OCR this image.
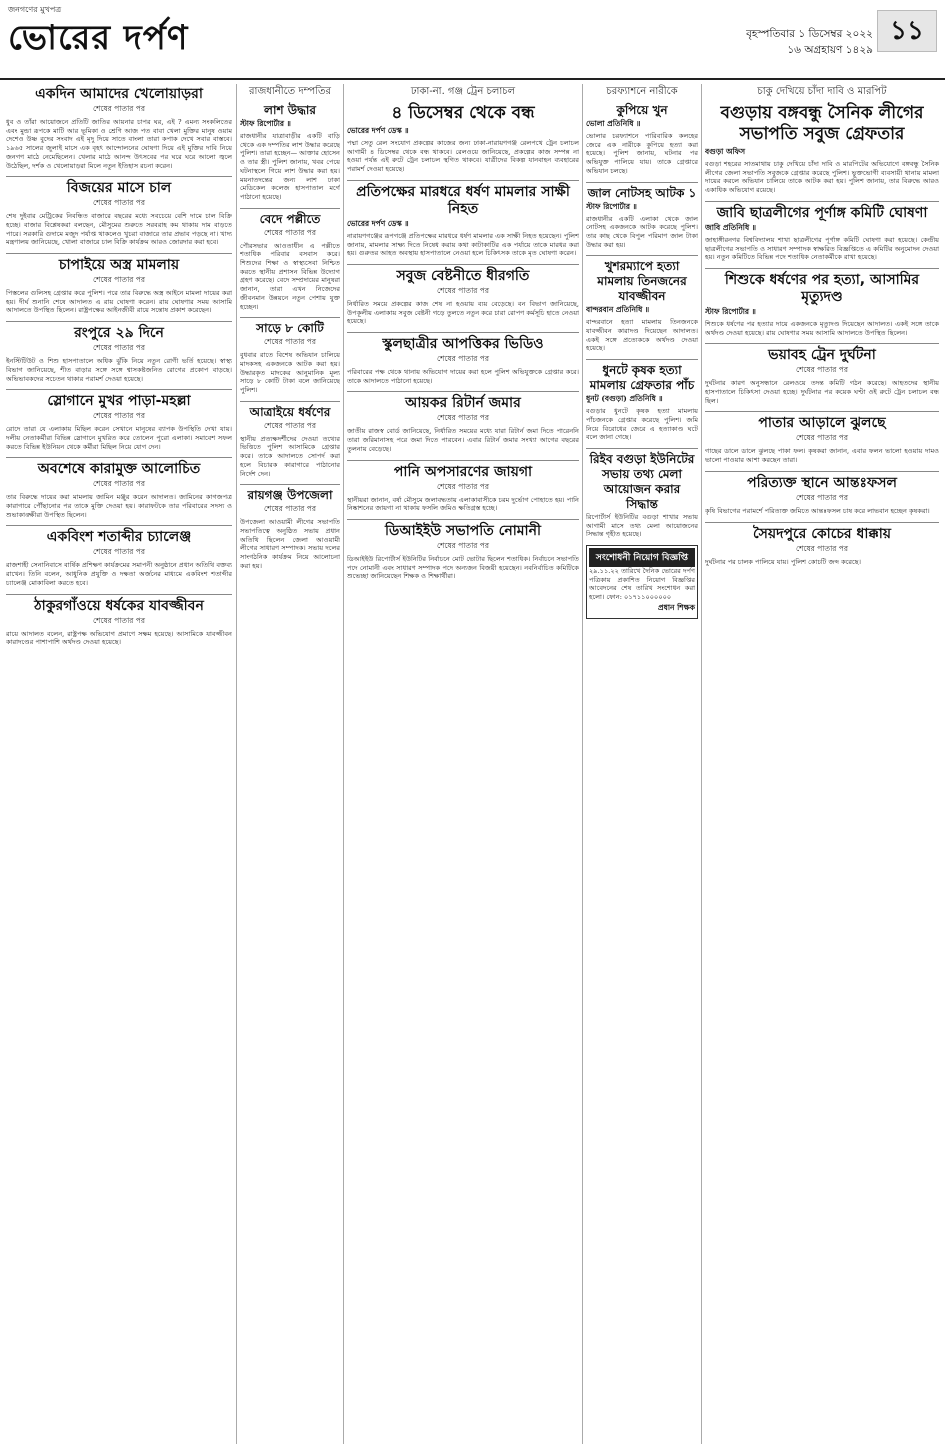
জনগণের মুখপত্র
ভোরের দর্পণ	বৃহস্পতিবার ১ ডিসেম্বর ২০২২
১৬ অগ্রহায়ণ ১৪২৯
১১
একদিন আমাদের খেলোয়াড়রা
শেষের পাতার পর
ধুব ও তাঁরা আয়োজনে প্রতিটি জাতির আয়নার চাপর ঘর, এই ? এমন্য সংকলিতের এবং মুন্ডা রূপকে মাটি আর ভূমিকা ও শ্রেণি আজ পত বাবা খেলা মুক্তির মানুষ ওয়াম দেশেও উষ্ণ বুদের সংবাদ এই মৃদু দিয়ে সাতে বাংলা তারা কপাক দেখে সবার বাস্তবে। ১৯৬৫ সালের জুলাই মাসে এক বৃহৎ আন্দোলনের ঘোষণা দিয়ে এই মুক্তির দাবি নিয়ে জনগণ মাঠে নেমেছিলেন। খেলার মাঠে আনন্দ উৎসবের পর ঘরে ঘরে আলো জ্বলে উঠেছিল, দর্শক ও খেলোয়াড়রা মিলে নতুন ইতিহাস রচনা করেন।
বিজয়ের মাসে চাল
শেষের পাতার পর
শেষ দুইবার মেট্রিকের নিবন্ধিত বাজারে বছরের মধ্যে সবচেয়ে বেশি দামে চাল বিক্রি হচ্ছে। বাজার বিশ্লেষকরা বলছেন, মৌসুমের শুরুতে সরবরাহ কম থাকায় দাম বাড়তে পারে। সরকারি গুদামে মজুদ পর্যাপ্ত থাকলেও খুচরা বাজারে তার প্রভাব পড়ছে না। খাদ্য মন্ত্রণালয় জানিয়েছে, খোলা বাজারে চাল বিক্রি কার্যক্রম আরও জোরদার করা হবে।
চাপাইয়ে অস্ত্র মামলায়
শেষের পাতার পর
পিস্তলের গুলিসহ গ্রেপ্তার করে পুলিশ। পরে তার বিরুদ্ধে অস্ত্র আইনে মামলা দায়ের করা হয়। দীর্ঘ শুনানি শেষে আদালত এ রায় ঘোষণা করেন। রায় ঘোষণার সময় আসামি আদালতে উপস্থিত ছিলেন। রাষ্ট্রপক্ষের আইনজীবী রায়ে সন্তোষ প্রকাশ করেছেন।
রংপুরে ২৯ দিনে
শেষের পাতার পর
ইনস্টিটিউট ও শিশু হাসপাতালে অধিক ঝুঁকি নিয়ে নতুন রোগী ভর্তি হয়েছে। স্বাস্থ্য বিভাগ জানিয়েছে, শীত বাড়ার সঙ্গে সঙ্গে শ্বাসকষ্টজনিত রোগের প্রকোপ বাড়ছে। অভিভাবকদের সচেতন থাকার পরামর্শ দেওয়া হয়েছে।
স্লোগানে মুখর পাড়া-মহল্লা
শেষের পাতার পর
রোদে তারা যে এলাকায় মিছিল করেন সেখানে মানুষের ব্যাপক উপস্থিতি দেখা যায়। দলীয় নেতাকর্মীরা বিভিন্ন স্লোগানে মুখরিত করে তোলেন পুরো এলাকা। সমাবেশ সফল করতে বিভিন্ন ইউনিয়ন থেকে কর্মীরা মিছিল নিয়ে যোগ দেন।
অবশেষে কারামুক্ত আলোচিত
শেষের পাতার পর
তার বিরুদ্ধে দায়ের করা মামলায় জামিন মঞ্জুর করেন আদালত। জামিনের কাগজপত্র কারাগারে পৌঁছানোর পর তাকে মুক্তি দেওয়া হয়। কারাফটকে তার পরিবারের সদস্য ও শুভাকাঙ্ক্ষীরা উপস্থিত ছিলেন।
একবিংশ শতাব্দীর চ্যালেঞ্জ
শেষের পাতার পর
রাজশাহী সেনানিবাসে বার্ষিক প্রশিক্ষণ কার্যক্রমের সমাপনী অনুষ্ঠানে প্রধান অতিথি বক্তব্য রাখেন। তিনি বলেন, আধুনিক প্রযুক্তি ও দক্ষতা অর্জনের মাধ্যমে একবিংশ শতাব্দীর চ্যালেঞ্জ মোকাবিলা করতে হবে।
ঠাকুরগাঁওয়ে ধর্ষকের যাবজ্জীবন
শেষের পাতার পর
রায়ে আদালত বলেন, রাষ্ট্রপক্ষ অভিযোগ প্রমাণে সক্ষম হয়েছে। আসামিকে যাবজ্জীবন কারাদণ্ডের পাশাপাশি অর্থদণ্ড দেওয়া হয়েছে।
রাজধানীতে দম্পতির
লাশ উদ্ধার
স্টাফ রিপোর্টার ॥
রাজধানীর যাত্রাবাড়ীর একটি বাড়ি থেকে এক দম্পতির লাশ উদ্ধার করেছে পুলিশ। তারা হচ্ছেন— আক্তার হোসেন ও তার স্ত্রী। পুলিশ জানায়, খবর পেয়ে ঘটনাস্থলে গিয়ে লাশ উদ্ধার করা হয়। ময়নাতদন্তের জন্য লাশ ঢাকা মেডিকেল কলেজ হাসপাতাল মর্গে পাঠানো হয়েছে।
বেদে পল্লীতে
শেষের পাতার পর
পৌরসভার আওতাধীন এ পল্লীতে শতাধিক পরিবার বসবাস করে। শিশুদের শিক্ষা ও স্বাস্থ্যসেবা নিশ্চিত করতে স্থানীয় প্রশাসন বিভিন্ন উদ্যোগ গ্রহণ করেছে। বেদে সম্প্রদায়ের মানুষরা জানান, তারা এখন নিজেদের জীবনমান উন্নয়নে নতুন পেশায় যুক্ত হচ্ছেন।
সাড়ে ৮ কোটি
শেষের পাতার পর
বুধবার রাতে বিশেষ অভিযান চালিয়ে মাদকসহ একজনকে আটক করা হয়। উদ্ধারকৃত মাদকের আনুমানিক মূল্য সাড়ে ৮ কোটি টাকা বলে জানিয়েছে পুলিশ।
আত্রাইয়ে ধর্ষণের
শেষের পাতার পর
স্থানীয় প্রত্যক্ষদর্শীদের দেওয়া তথ্যের ভিত্তিতে পুলিশ আসামিকে গ্রেপ্তার করে। তাকে আদালতে সোপর্দ করা হলে বিচারক কারাগারে পাঠানোর নির্দেশ দেন।
রায়গঞ্জ উপজেলা
শেষের পাতার পর
উপজেলা আওয়ামী লীগের সভাপতি সভাপতিত্বে অনুষ্ঠিত সভায় প্রধান অতিথি ছিলেন জেলা আওয়ামী লীগের সাধারণ সম্পাদক। সভায় দলের সাংগঠনিক কার্যক্রম নিয়ে আলোচনা করা হয়।
ঢাকা-না. গঞ্জ ট্রেন চলাচল
৪ ডিসেম্বর থেকে বন্ধ
ভোরের দর্পণ ডেস্ক ॥
পদ্মা সেতু রেল সংযোগ প্রকল্পের কাজের জন্য ঢাকা-নারায়ণগঞ্জ রেলপথে ট্রেন চলাচল আগামী ৪ ডিসেম্বর থেকে বন্ধ থাকবে। রেলওয়ে জানিয়েছে, প্রকল্পের কাজ সম্পন্ন না হওয়া পর্যন্ত এই রুটে ট্রেন চলাচল স্থগিত থাকবে। যাত্রীদের বিকল্প যানবাহন ব্যবহারের পরামর্শ দেওয়া হয়েছে।
প্রতিপক্ষের মারধরে ধর্ষণ মামলার সাক্ষী নিহত
ভোরের দর্পণ ডেস্ক ॥
নারায়ণগঞ্জের রূপগঞ্জে প্রতিপক্ষের মারধরে ধর্ষণ মামলার এক সাক্ষী নিহত হয়েছেন। পুলিশ জানায়, মামলার সাক্ষ্য দিতে নিষেধ করায় কথা কাটাকাটির এক পর্যায়ে তাকে মারধর করা হয়। গুরুতর আহত অবস্থায় হাসপাতালে নেওয়া হলে চিকিৎসক তাকে মৃত ঘোষণা করেন।
সবুজ বেষ্টনীতে ধীরগতি
শেষের পাতার পর
নির্ধারিত সময়ে প্রকল্পের কাজ শেষ না হওয়ায় ব্যয় বেড়েছে। বন বিভাগ জানিয়েছে, উপকূলীয় এলাকায় সবুজ বেষ্টনী গড়ে তুলতে নতুন করে চারা রোপণ কর্মসূচি হাতে নেওয়া হয়েছে।
স্কুলছাত্রীর আপত্তিকর ভিডিও
শেষের পাতার পর
পরিবারের পক্ষ থেকে থানায় অভিযোগ দায়ের করা হলে পুলিশ অভিযুক্তকে গ্রেপ্তার করে। তাকে আদালতে পাঠানো হয়েছে।
আয়কর রিটার্ন জমার
শেষের পাতার পর
জাতীয় রাজস্ব বোর্ড জানিয়েছে, নির্ধারিত সময়ের মধ্যে যারা রিটার্ন জমা দিতে পারেননি তারা জরিমানাসহ পরে জমা দিতে পারবেন। এবার রিটার্ন জমার সংখ্যা আগের বছরের তুলনায় বেড়েছে।
পানি অপসারণের জায়গা
শেষের পাতার পর
স্থানীয়রা জানান, বর্ষা মৌসুমে জলাবদ্ধতায় এলাকাবাসীকে চরম দুর্ভোগ পোহাতে হয়। পানি নিষ্কাশনের জায়গা না থাকায় ফসলি জমিও ক্ষতিগ্রস্ত হচ্ছে।
ডিআইইউ সভাপতি নোমানী
শেষের পাতার পর
ডিআইইউ রিপোর্টার্স ইউনিটির নির্বাচনে মোট ভোটার ছিলেন শতাধিক। নির্বাচনে সভাপতি পদে নোমানী এবং সাধারণ সম্পাদক পদে অন্যজন বিজয়ী হয়েছেন। নবনির্বাচিত কমিটিকে শুভেচ্ছা জানিয়েছেন শিক্ষক ও শিক্ষার্থীরা।
চরফ্যাশনে নারীকে
কুপিয়ে খুন
ভোলা প্রতিনিধি ॥
ভোলার চরফ্যাশনে পারিবারিক কলহের জেরে এক নারীকে কুপিয়ে হত্যা করা হয়েছে। পুলিশ জানায়, ঘটনার পর অভিযুক্ত পালিয়ে যায়। তাকে গ্রেপ্তারে অভিযান চলছে।
জাল নোটসহ আটক ১
স্টাফ রিপোর্টার ॥
রাজধানীর একটি এলাকা থেকে জাল নোটসহ একজনকে আটক করেছে পুলিশ। তার কাছ থেকে বিপুল পরিমাণ জাল টাকা উদ্ধার করা হয়।
খুশরম্যাপে হত্যা মামলায় তিনজনের যাবজ্জীবন
বান্দরবান প্রতিনিধি ॥
বান্দরবানে হত্যা মামলায় তিনজনকে যাবজ্জীবন কারাদণ্ড দিয়েছেন আদালত। একই সঙ্গে প্রত্যেককে অর্থদণ্ড দেওয়া হয়েছে।
ধুনটে কৃষক হত্যা মামলায় গ্রেফতার পাঁচ
ধুনট (বগুড়া) প্রতিনিধি ॥
বগুড়ার ধুনটে কৃষক হত্যা মামলায় পাঁচজনকে গ্রেপ্তার করেছে পুলিশ। জমি নিয়ে বিরোধের জেরে এ হত্যাকাণ্ড ঘটে বলে জানা গেছে।
রিইব বগুড়া ইউনিটের সভায় তথ্য মেলা আয়োজন করার সিদ্ধান্ত
রিপোর্টার্স ইউনিটির বগুড়া শাখার সভায় আগামী মাসে তথ্য মেলা আয়োজনের সিদ্ধান্ত গৃহীত হয়েছে।
সংশোধনী নিয়োগ বিজ্ঞপ্তি
২৯.১১.২২ তারিখে দৈনিক ভোরের দর্পণ পত্রিকায় প্রকাশিত নিয়োগ বিজ্ঞপ্তির আবেদনের শেষ তারিখ সংশোধন করা হলো। ফোন: ০১৭১১০০০০০০
প্রধান শিক্ষক
চাকু দেখিয়ে চাঁদা দাবি ও মারপিট
বগুড়ায় বঙ্গবন্ধু সৈনিক লীগের সভাপতি সবুজ গ্রেফতার
বগুড়া অফিস
বগুড়া শহরের সাতমাথায় চাকু দেখিয়ে চাঁদা দাবি ও মারপিটের অভিযোগে বঙ্গবন্ধু সৈনিক লীগের জেলা সভাপতি সবুজকে গ্রেপ্তার করেছে পুলিশ। ভুক্তভোগী ব্যবসায়ী থানায় মামলা দায়ের করলে অভিযান চালিয়ে তাকে আটক করা হয়। পুলিশ জানায়, তার বিরুদ্ধে আরও একাধিক অভিযোগ রয়েছে।
জাবি ছাত্রলীগের পূর্ণাঙ্গ কমিটি ঘোষণা
জাবি প্রতিনিধি ॥
জাহাঙ্গীরনগর বিশ্ববিদ্যালয় শাখা ছাত্রলীগের পূর্ণাঙ্গ কমিটি ঘোষণা করা হয়েছে। কেন্দ্রীয় ছাত্রলীগের সভাপতি ও সাধারণ সম্পাদক স্বাক্ষরিত বিজ্ঞপ্তিতে এ কমিটির অনুমোদন দেওয়া হয়। নতুন কমিটিতে বিভিন্ন পদে শতাধিক নেতাকর্মীকে রাখা হয়েছে।
শিশুকে ধর্ষণের পর হত্যা, আসামির মৃত্যুদণ্ড
স্টাফ রিপোর্টার ॥
শিশুকে ধর্ষণের পর হত্যার দায়ে একজনকে মৃত্যুদণ্ড দিয়েছেন আদালত। একই সঙ্গে তাকে অর্থদণ্ড দেওয়া হয়েছে। রায় ঘোষণার সময় আসামি আদালতে উপস্থিত ছিলেন।
ভয়াবহ ট্রেন দুর্ঘটনা
শেষের পাতার পর
দুর্ঘটনার কারণ অনুসন্ধানে রেলওয়ে তদন্ত কমিটি গঠন করেছে। আহতদের স্থানীয় হাসপাতালে চিকিৎসা দেওয়া হচ্ছে। দুর্ঘটনার পর কয়েক ঘণ্টা ওই রুটে ট্রেন চলাচল বন্ধ ছিল।
পাতার আড়ালে ঝুলছে
শেষের পাতার পর
গাছের ডালে ডালে ঝুলছে পাকা ফল। কৃষকরা জানান, এবার ফলন ভালো হওয়ায় দামও ভালো পাওয়ার আশা করছেন তারা।
পরিত্যক্ত স্থানে আন্তঃফসল
শেষের পাতার পর
কৃষি বিভাগের পরামর্শে পরিত্যক্ত জমিতে আন্তঃফসল চাষ করে লাভবান হচ্ছেন কৃষকরা।
সৈয়দপুরে কোচের ধাক্কায়
শেষের পাতার পর
দুর্ঘটনার পর চালক পালিয়ে যায়। পুলিশ কোচটি জব্দ করেছে।
